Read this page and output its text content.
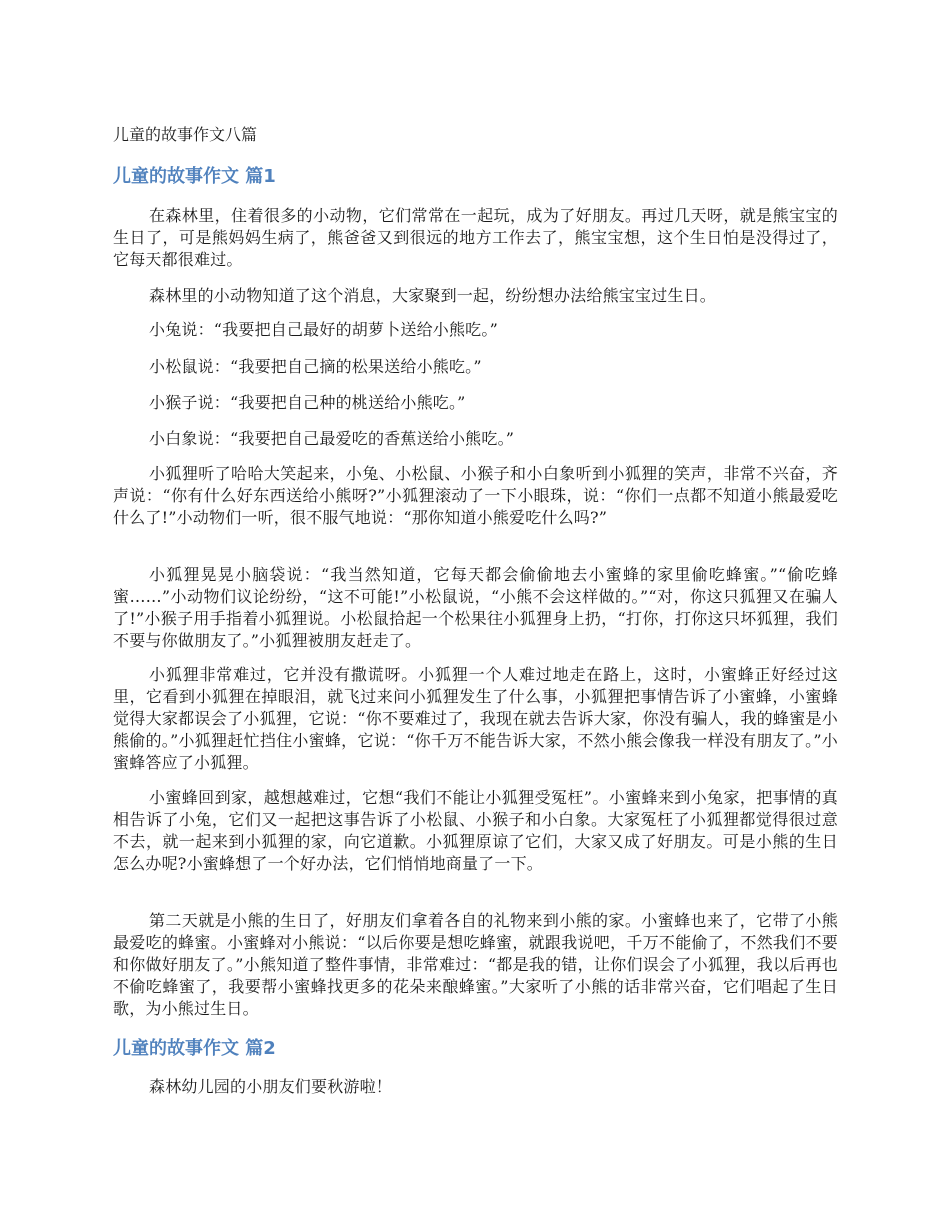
儿童的故事作文八篇
儿童的故事作文 篇1
在森林里，住着很多的小动物，它们常常在一起玩，成为了好朋友。再过几天呀，就是熊宝宝的生日了，可是熊妈妈生病了，熊爸爸又到很远的地方工作去了，熊宝宝想，这个生日怕是没得过了，它每天都很难过。
森林里的小动物知道了这个消息，大家聚到一起，纷纷想办法给熊宝宝过生日。
小兔说：“我要把自己最好的胡萝卜送给小熊吃。”
小松鼠说：“我要把自己摘的松果送给小熊吃。”
小猴子说：“我要把自己种的桃送给小熊吃。”
小白象说：“我要把自己最爱吃的香蕉送给小熊吃。”
小狐狸听了哈哈大笑起来，小兔、小松鼠、小猴子和小白象听到小狐狸的笑声，非常不兴奋，齐声说：“你有什么好东西送给小熊呀?”小狐狸滚动了一下小眼珠，说：“你们一点都不知道小熊最爱吃什么了!”小动物们一听，很不服气地说：“那你知道小熊爱吃什么吗?”
小狐狸晃晃小脑袋说：“我当然知道，它每天都会偷偷地去小蜜蜂的家里偷吃蜂蜜。”“偷吃蜂蜜……”小动物们议论纷纷，“这不可能!”小松鼠说，“小熊不会这样做的。”“对，你这只狐狸又在骗人了!”小猴子用手指着小狐狸说。小松鼠拾起一个松果往小狐狸身上扔，“打你，打你这只坏狐狸，我们不要与你做朋友了。”小狐狸被朋友赶走了。
小狐狸非常难过，它并没有撒谎呀。小狐狸一个人难过地走在路上，这时，小蜜蜂正好经过这里，它看到小狐狸在掉眼泪，就飞过来问小狐狸发生了什么事，小狐狸把事情告诉了小蜜蜂，小蜜蜂觉得大家都误会了小狐狸，它说：“你不要难过了，我现在就去告诉大家，你没有骗人，我的蜂蜜是小熊偷的。”小狐狸赶忙挡住小蜜蜂，它说：“你千万不能告诉大家，不然小熊会像我一样没有朋友了。”小蜜蜂答应了小狐狸。
小蜜蜂回到家，越想越难过，它想“我们不能让小狐狸受冤枉”。小蜜蜂来到小兔家，把事情的真相告诉了小兔，它们又一起把这事告诉了小松鼠、小猴子和小白象。大家冤枉了小狐狸都觉得很过意不去，就一起来到小狐狸的家，向它道歉。小狐狸原谅了它们，大家又成了好朋友。可是小熊的生日怎么办呢?小蜜蜂想了一个好办法，它们悄悄地商量了一下。
第二天就是小熊的生日了，好朋友们拿着各自的礼物来到小熊的家。小蜜蜂也来了，它带了小熊最爱吃的蜂蜜。小蜜蜂对小熊说：“以后你要是想吃蜂蜜，就跟我说吧，千万不能偷了，不然我们不要和你做好朋友了。”小熊知道了整件事情，非常难过：“都是我的错，让你们误会了小狐狸，我以后再也不偷吃蜂蜜了，我要帮小蜜蜂找更多的花朵来酿蜂蜜。”大家听了小熊的话非常兴奋，它们唱起了生日歌，为小熊过生日。
儿童的故事作文 篇2
森林幼儿园的小朋友们要秋游啦！
